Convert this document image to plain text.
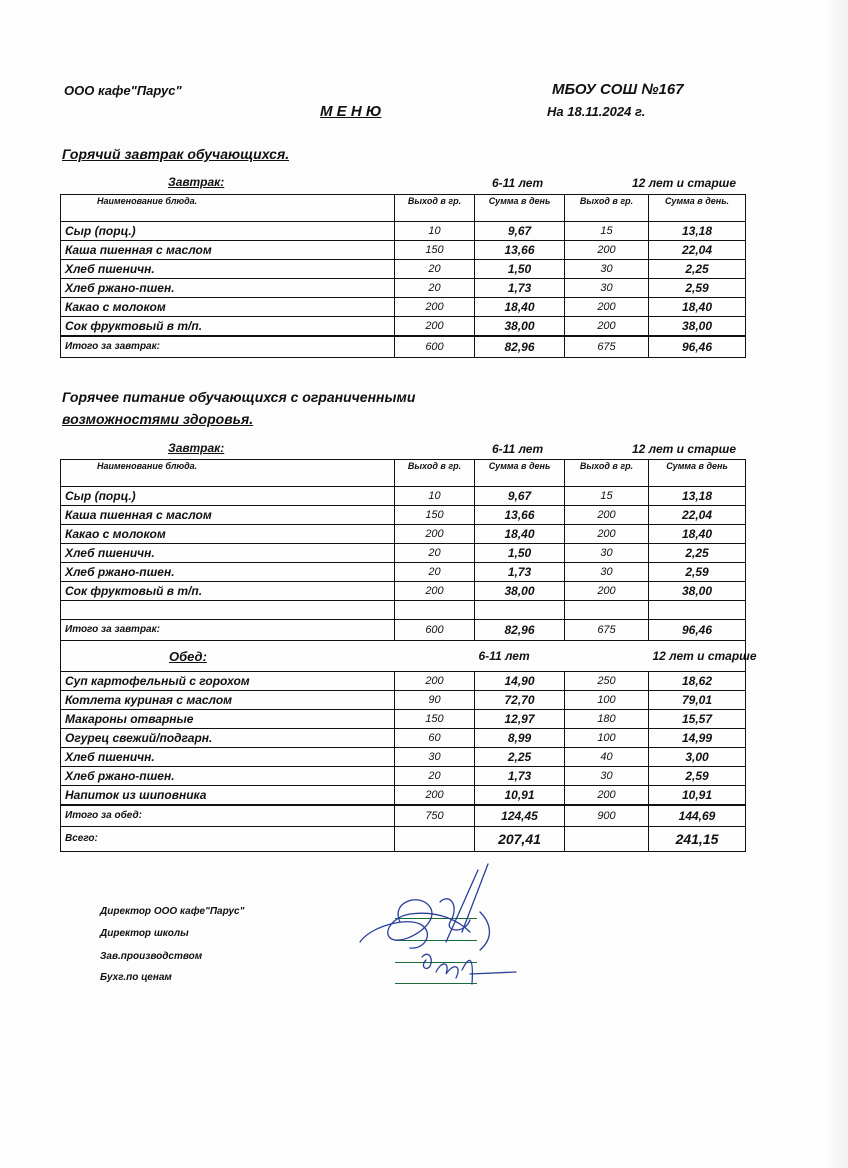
ООО кафе"Парус"	МБОУ СОШ №167
М Е Н Ю	На 18.11.2024 г.
Горячий завтрак обучающихся.
Завтрак:	6-11 лет	12 лет и старше
Наименование блюда.	Выход в гр.	Сумма в день	Выход в гр.	Сумма в день.
Сыр (порц.)	10	9,67	15	13,18
Каша пшенная с маслом	150	13,66	200	22,04
Хлеб пшеничн.	20	1,50	30	2,25
Хлеб ржано-пшен.	20	1,73	30	2,59
Какао с молоком	200	18,40	200	18,40
Сок фруктовый в т/п.	200	38,00	200	38,00
Итого за завтрак:	600	82,96	675	96,46
Горячее питание обучающихся с ограниченными
возможностями здоровья.
Завтрак:	6-11 лет	12 лет и старше
Наименование блюда.	Выход в гр.	Сумма в день	Выход в гр.	Сумма в день
Сыр (порц.)	10	9,67	15	13,18
Каша пшенная с маслом	150	13,66	200	22,04
Какао с молоком	200	18,40	200	18,40
Хлеб пшеничн.	20	1,50	30	2,25
Хлеб ржано-пшен.	20	1,73	30	2,59
Сок фруктовый в т/п.	200	38,00	200	38,00

Итого за завтрак:	600	82,96	675	96,46
Обед:		6-11 лет		12 лет и старше
Суп картофельный с горохом	200	14,90	250	18,62
Котлета куриная с маслом	90	72,70	100	79,01
Макароны отварные	150	12,97	180	15,57
Огурец свежий/подгарн.	60	8,99	100	14,99
Хлеб пшеничн.	30	2,25	40	3,00
Хлеб ржано-пшен.	20	1,73	30	2,59
Напиток из шиповника	200	10,91	200	10,91
Итого за обед:	750	124,45	900	144,69
Всего:		207,41		241,15
Директор ООО кафе"Парус"
Директор школы
Зав.производством
Бухг.по ценам
